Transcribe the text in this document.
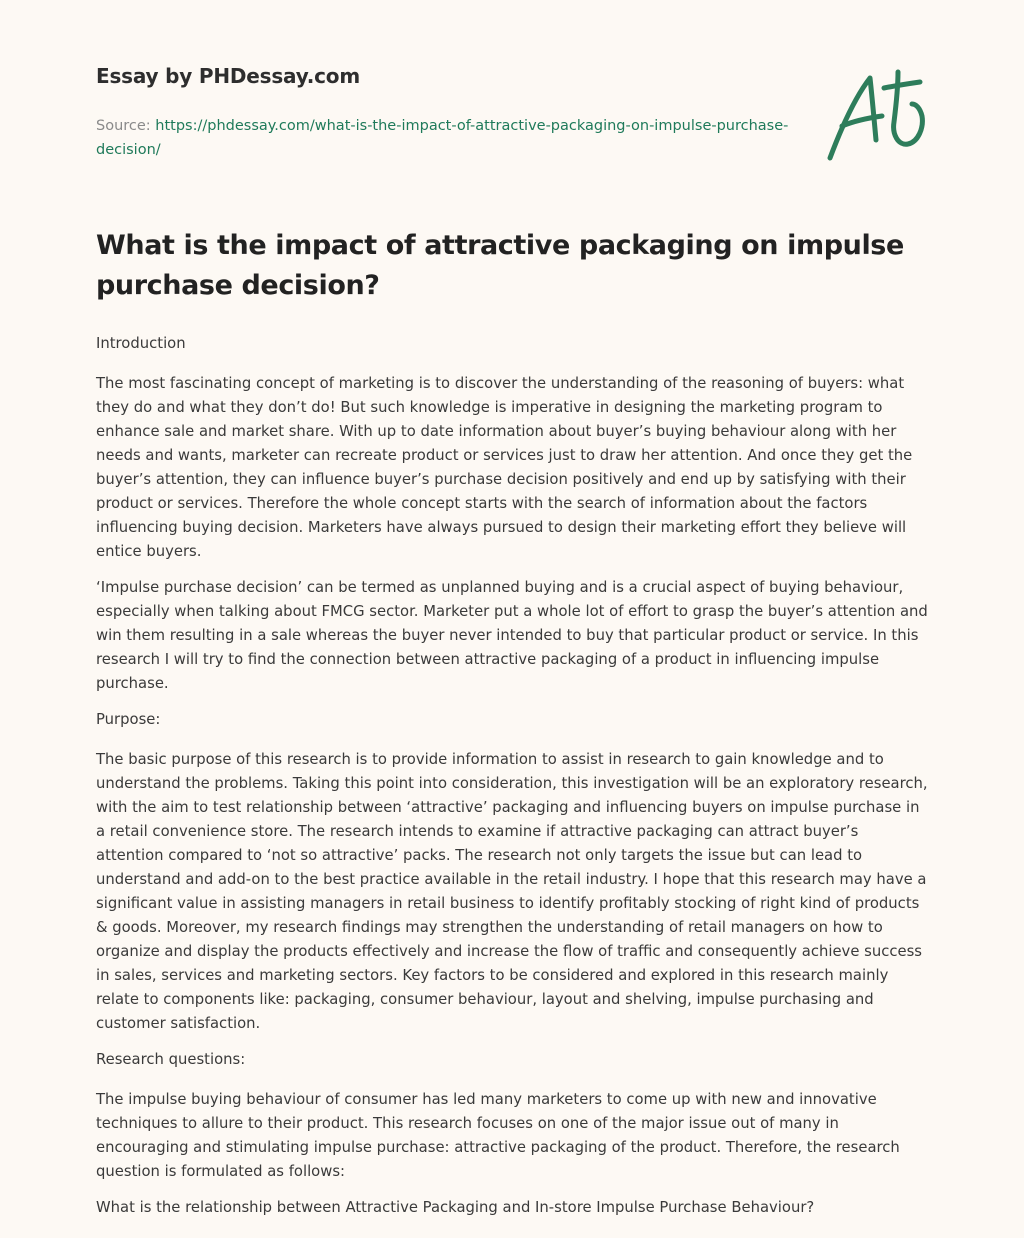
Essay by PHDessay.com
Source: https://phdessay.com/what-is-the-impact-of-attractive-packaging-on-impulse-purchase-decision/
What is the impact of attractive packaging on impulse purchase decision?

Introduction

The most fascinating concept of marketing is to discover the understanding of the reasoning of buyers: what they do and what they don’t do! But such knowledge is imperative in designing the marketing program to enhance sale and market share. With up to date information about buyer’s buying behaviour along with her needs and wants, marketer can recreate product or services just to draw her attention. And once they get the buyer’s attention, they can influence buyer’s purchase decision positively and end up by satisfying with their product or services. Therefore the whole concept starts with the search of information about the factors influencing buying decision. Marketers have always pursued to design their marketing effort they believe will entice buyers.

‘Impulse purchase decision’ can be termed as unplanned buying and is a crucial aspect of buying behaviour, especially when talking about FMCG sector. Marketer put a whole lot of effort to grasp the buyer’s attention and win them resulting in a sale whereas the buyer never intended to buy that particular product or service. In this research I will try to find the connection between attractive packaging of a product in influencing impulse purchase.

Purpose:

The basic purpose of this research is to provide information to assist in research to gain knowledge and to understand the problems. Taking this point into consideration, this investigation will be an exploratory research, with the aim to test relationship between ‘attractive’ packaging and influencing buyers on impulse purchase in a retail convenience store. The research intends to examine if attractive packaging can attract buyer’s attention compared to ‘not so attractive’ packs. The research not only targets the issue but can lead to understand and add-on to the best practice available in the retail industry. I hope that this research may have a significant value in assisting managers in retail business to identify profitably stocking of right kind of products & goods. Moreover, my research findings may strengthen the understanding of retail managers on how to organize and display the products effectively and increase the flow of traffic and consequently achieve success in sales, services and marketing sectors. Key factors to be considered and explored in this research mainly relate to components like: packaging, consumer behaviour, layout and shelving, impulse purchasing and customer satisfaction.

Research questions:

The impulse buying behaviour of consumer has led many marketers to come up with new and innovative techniques to allure to their product. This research focuses on one of the major issue out of many in encouraging and stimulating impulse purchase: attractive packaging of the product. Therefore, the research question is formulated as follows:

What is the relationship between Attractive Packaging and In-store Impulse Purchase Behaviour?
